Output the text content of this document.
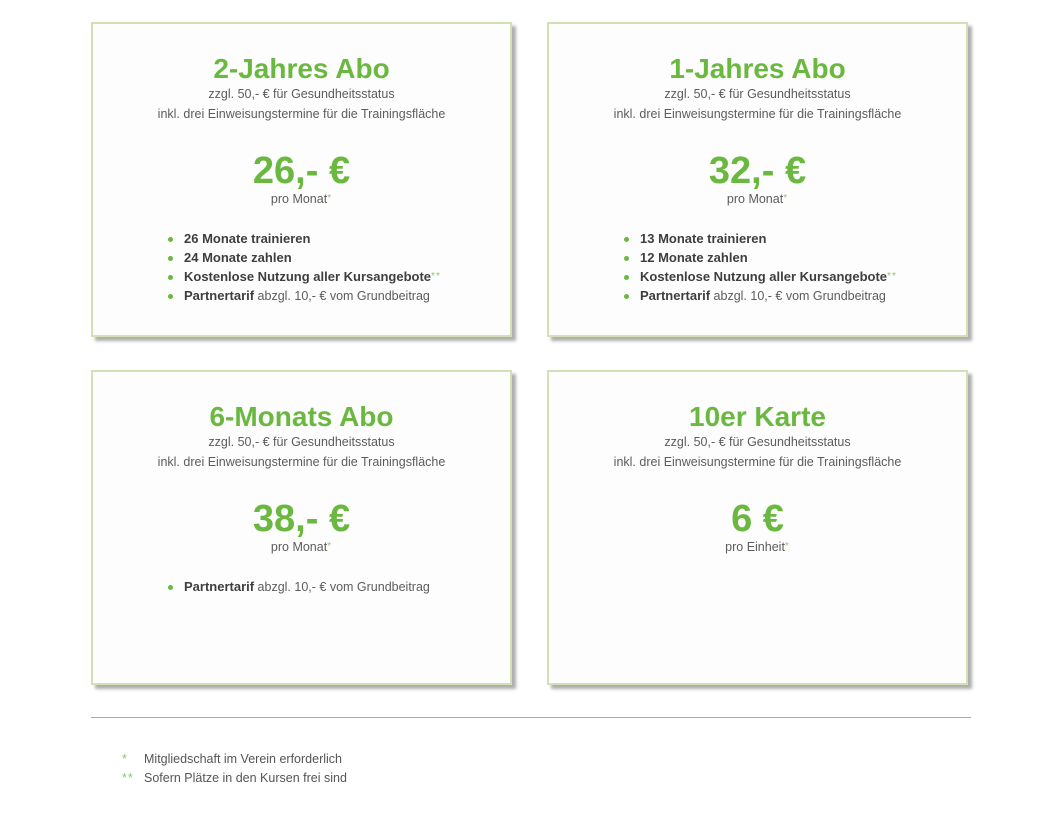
2-Jahres Abo
zzgl. 50,- € für Gesundheitsstatus
inkl. drei Einweisungstermine für die Trainingsfläche
26,- €
pro Monat*
26 Monate trainieren
24 Monate zahlen
Kostenlose Nutzung aller Kursangebote**
Partnertarif abzgl. 10,- € vom Grundbeitrag
1-Jahres Abo
zzgl. 50,- € für Gesundheitsstatus
inkl. drei Einweisungstermine für die Trainingsfläche
32,- €
pro Monat*
13 Monate trainieren
12 Monate zahlen
Kostenlose Nutzung aller Kursangebote**
Partnertarif abzgl. 10,- € vom Grundbeitrag
6-Monats Abo
zzgl. 50,- € für Gesundheitsstatus
inkl. drei Einweisungstermine für die Trainingsfläche
38,- €
pro Monat*
Partnertarif abzgl. 10,- € vom Grundbeitrag
10er Karte
zzgl. 50,- € für Gesundheitsstatus
inkl. drei Einweisungstermine für die Trainingsfläche
6 €
pro Einheit*
* Mitgliedschaft im Verein erforderlich
** Sofern Plätze in den Kursen frei sind
